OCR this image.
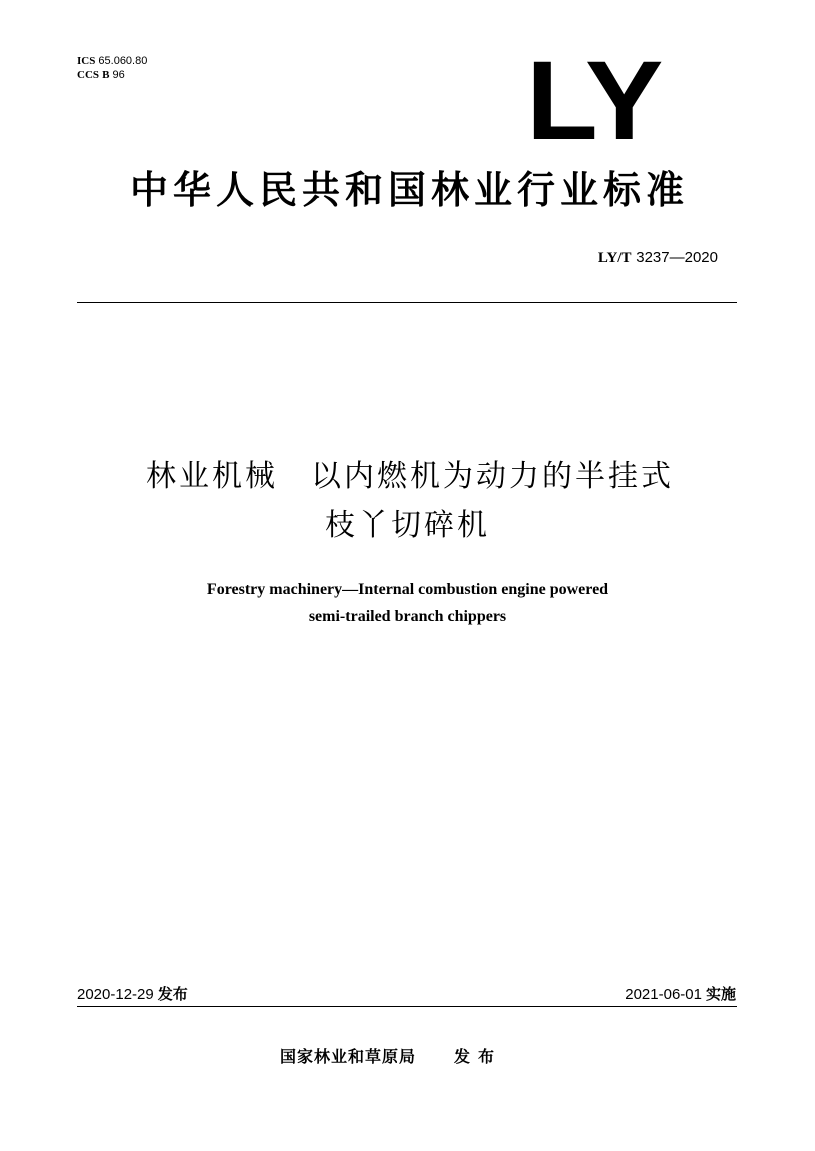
ICS 65.060.80
CCS B 96	LY
中华人民共和国林业行业标准
LY/T 3237—2020
林业机械　以内燃机为动力的半挂式
枝丫切碎机
Forestry machinery—Internal combustion engine powered
semi-trailed branch chippers
2020-12-29 发布	2021-06-01 实施
国家林业和草原局 发布
